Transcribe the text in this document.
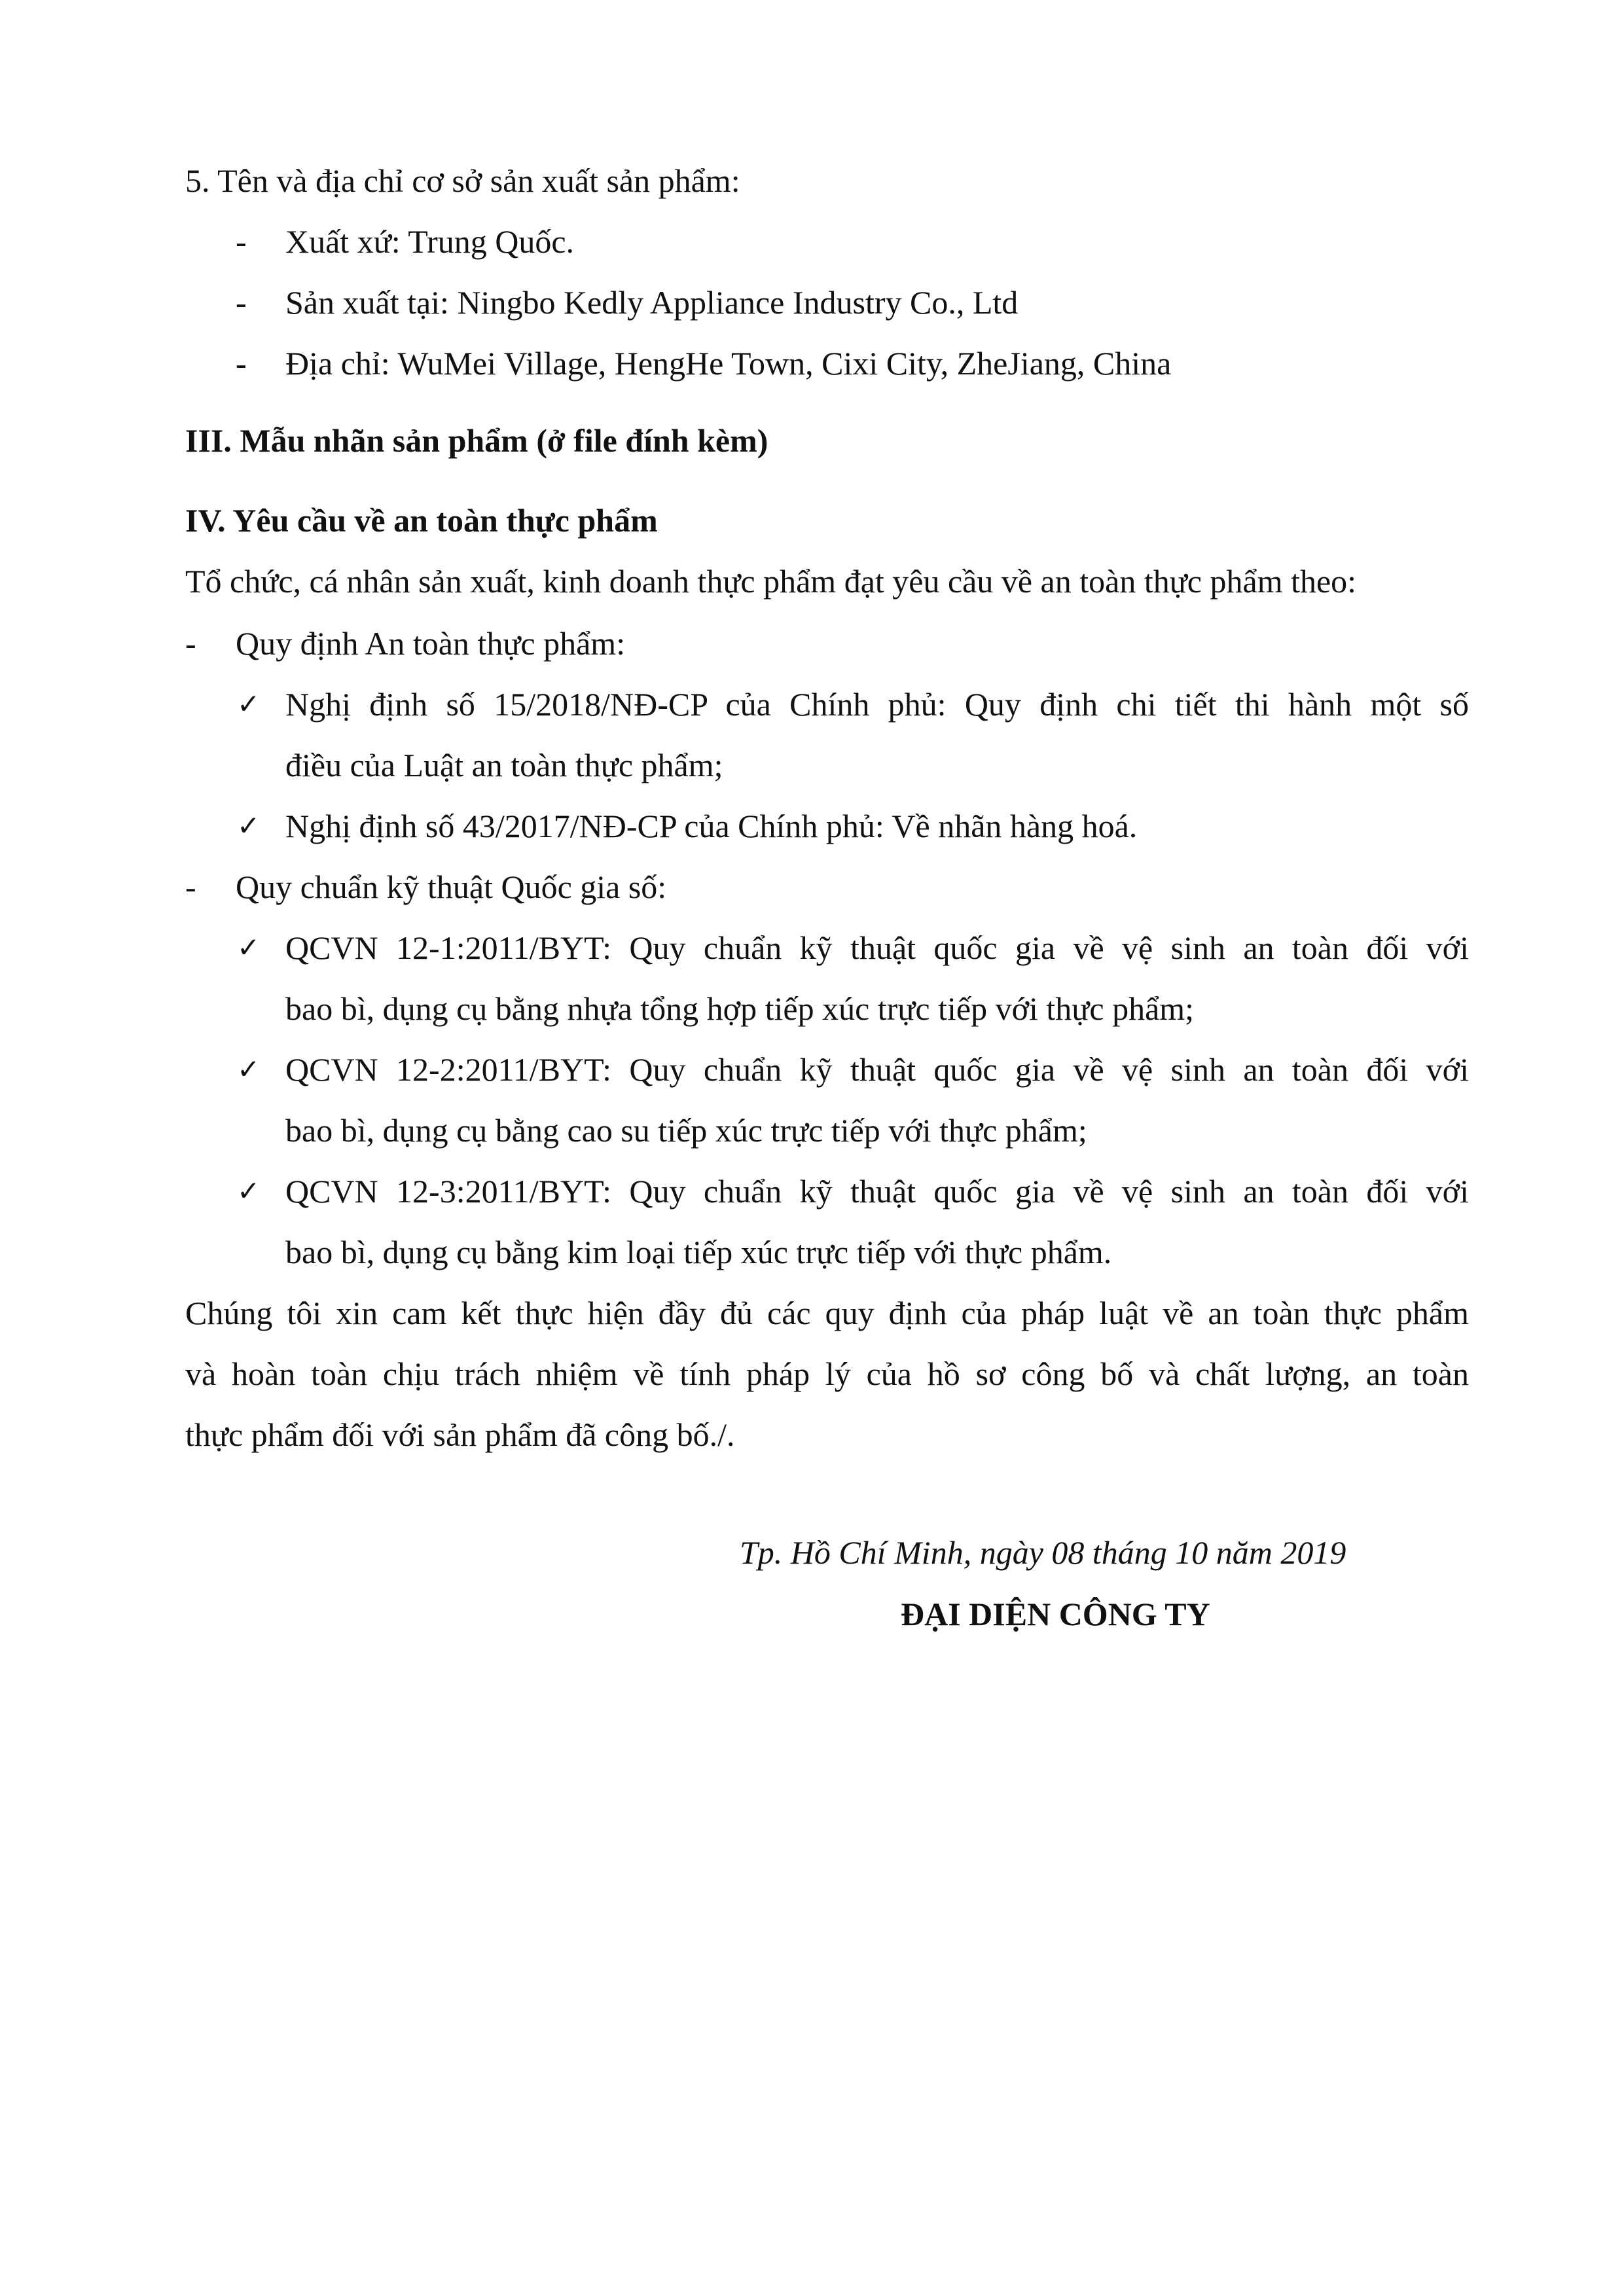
5. Tên và địa chỉ cơ sở sản xuất sản phẩm:
- Xuất xứ: Trung Quốc.
- Sản xuất tại: Ningbo Kedly Appliance Industry Co., Ltd
- Địa chỉ: WuMei Village, HengHe Town, Cixi City, ZheJiang, China
III. Mẫu nhãn sản phẩm (ở file đính kèm)
IV. Yêu cầu về an toàn thực phẩm
Tổ chức, cá nhân sản xuất, kinh doanh thực phẩm đạt yêu cầu về an toàn thực phẩm theo:
- Quy định An toàn thực phẩm:
✓ Nghị định số 15/2018/NĐ-CP của Chính phủ: Quy định chi tiết thi hành một số
điều của Luật an toàn thực phẩm;
✓ Nghị định số 43/2017/NĐ-CP của Chính phủ: Về nhãn hàng hoá.
- Quy chuẩn kỹ thuật Quốc gia số:
✓ QCVN 12-1:2011/BYT: Quy chuẩn kỹ thuật quốc gia về vệ sinh an toàn đối với
bao bì, dụng cụ bằng nhựa tổng hợp tiếp xúc trực tiếp với thực phẩm;
✓ QCVN 12-2:2011/BYT: Quy chuẩn kỹ thuật quốc gia về vệ sinh an toàn đối với
bao bì, dụng cụ bằng cao su tiếp xúc trực tiếp với thực phẩm;
✓ QCVN 12-3:2011/BYT: Quy chuẩn kỹ thuật quốc gia về vệ sinh an toàn đối với
bao bì, dụng cụ bằng kim loại tiếp xúc trực tiếp với thực phẩm.
Chúng tôi xin cam kết thực hiện đầy đủ các quy định của pháp luật về an toàn thực phẩm
và hoàn toàn chịu trách nhiệm về tính pháp lý của hồ sơ công bố và chất lượng, an toàn
thực phẩm đối với sản phẩm đã công bố./.
Tp. Hồ Chí Minh, ngày 08 tháng 10 năm 2019
ĐẠI DIỆN CÔNG TY
